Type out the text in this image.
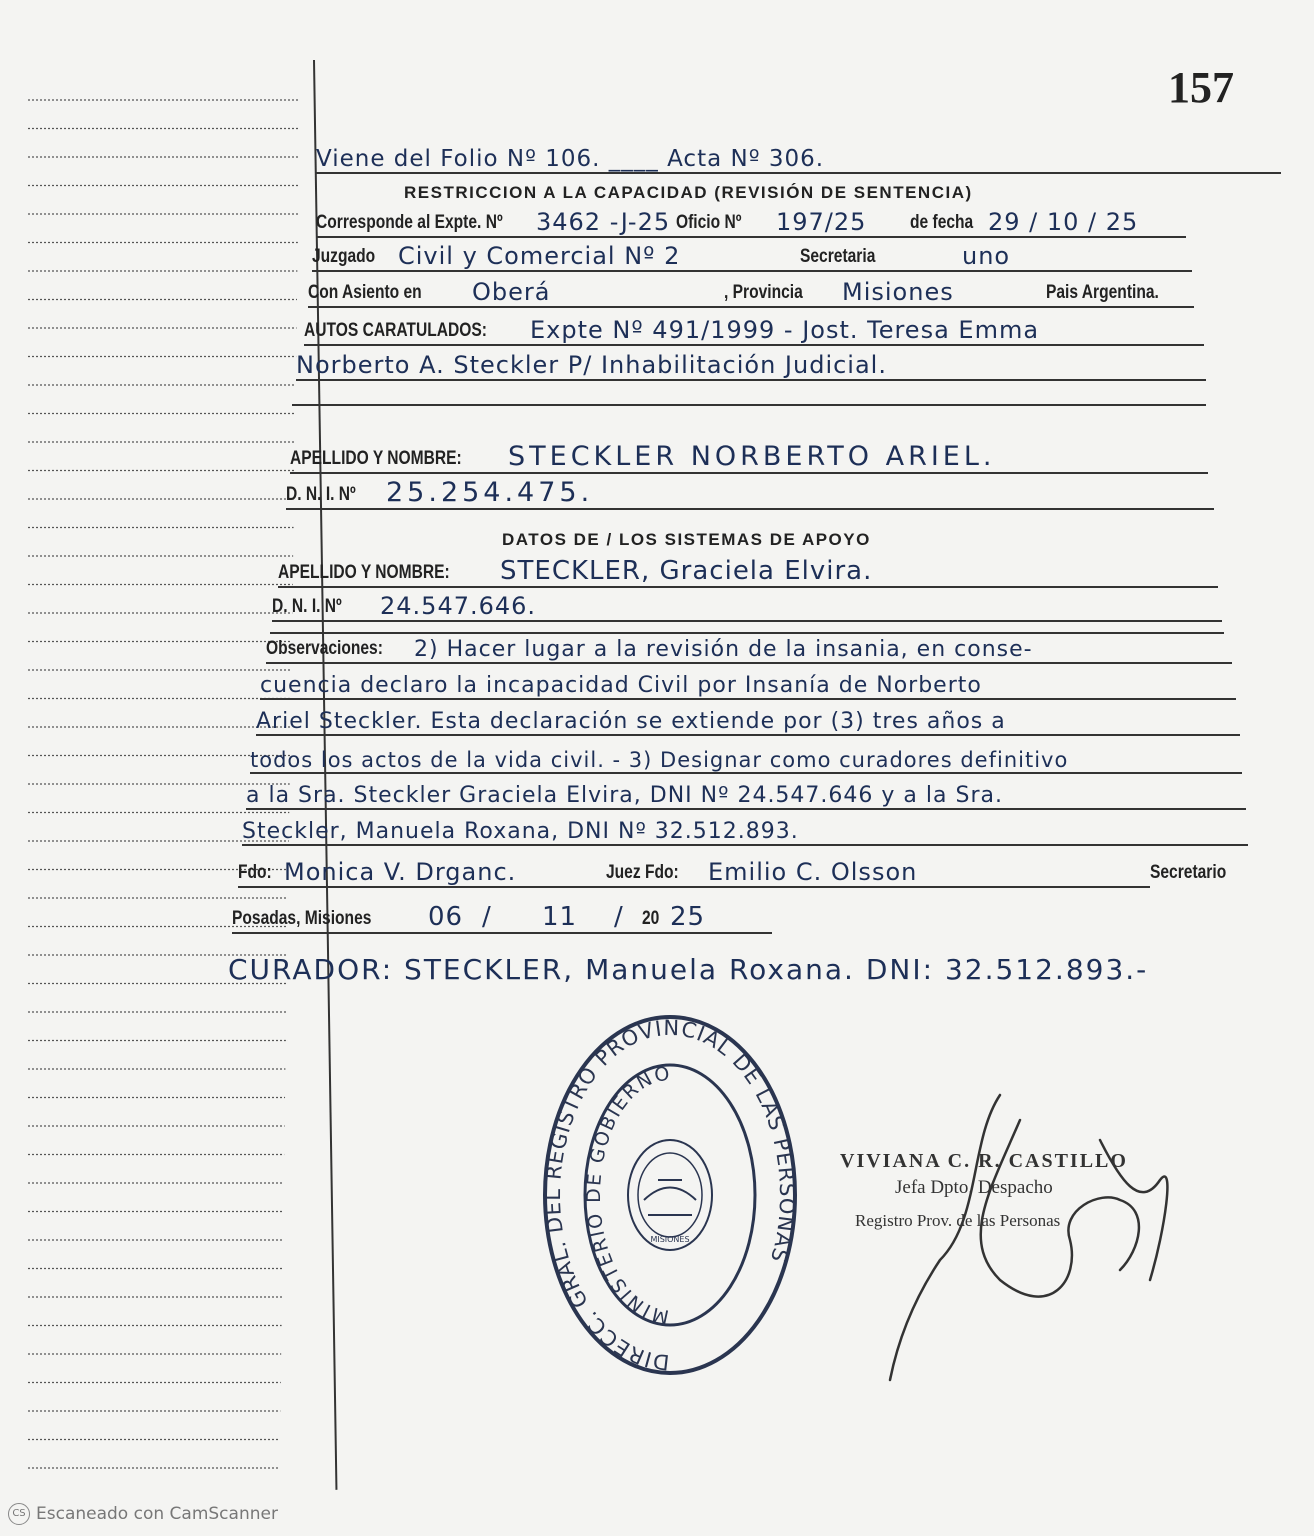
157
Viene del Folio Nº 106. ____ Acta Nº 306.
RESTRICCION A LA CAPACIDAD (REVISIÓN DE SENTENCIA)
Corresponde al Expte. Nº 3462 -J-25 Oficio Nº 197/25 de fecha 29 / 10 / 25
Juzgado Civil y Comercial Nº 2	Secretaria	uno
Con Asiento en Oberá	, Provincia Misiones	Pais Argentina.
AUTOS CARATULADOS: Expte Nº 491/1999 - Jost. Teresa Emma
Norberto A. Steckler P/ Inhabilitación Judicial.
APELLIDO Y NOMBRE: STECKLER NORBERTO ARIEL.
D. N. I. Nº 25.254.475.
DATOS DE / LOS SISTEMAS DE APOYO
APELLIDO Y NOMBRE: STECKLER, Graciela Elvira.
D. N. I. Nº 24.547.646.
Observaciones: 2) Hacer lugar a la revisión de la insania, en conse-
cuencia declaro la incapacidad Civil por Insanía de Norberto
Ariel Steckler. Esta declaración se extiende por (3) tres años a
todos los actos de la vida civil. - 3) Designar como curadores definitivo
a la Sra. Steckler Graciela Elvira, DNI Nº 24.547.646 y a la Sra.
Steckler, Manuela Roxana, DNI Nº 32.512.893.
Fdo: Monica V. Drganc.	Juez Fdo: Emilio C. Olsson	Secretario
Posadas, Misiones 06 / 11 / 20 25
CURADOR: STECKLER, Manuela Roxana. DNI: 32.512.893.-
DIRECC. GRAL. DEL REGISTRO PROVINCIAL DE LAS PERSONAS
MINISTERIO DE GOBIERNO
MISIONES
VIVIANA C. R. CASTILLO
Jefa Dpto. Despacho
Registro Prov. de las Personas
CS Escaneado con CamScanner
